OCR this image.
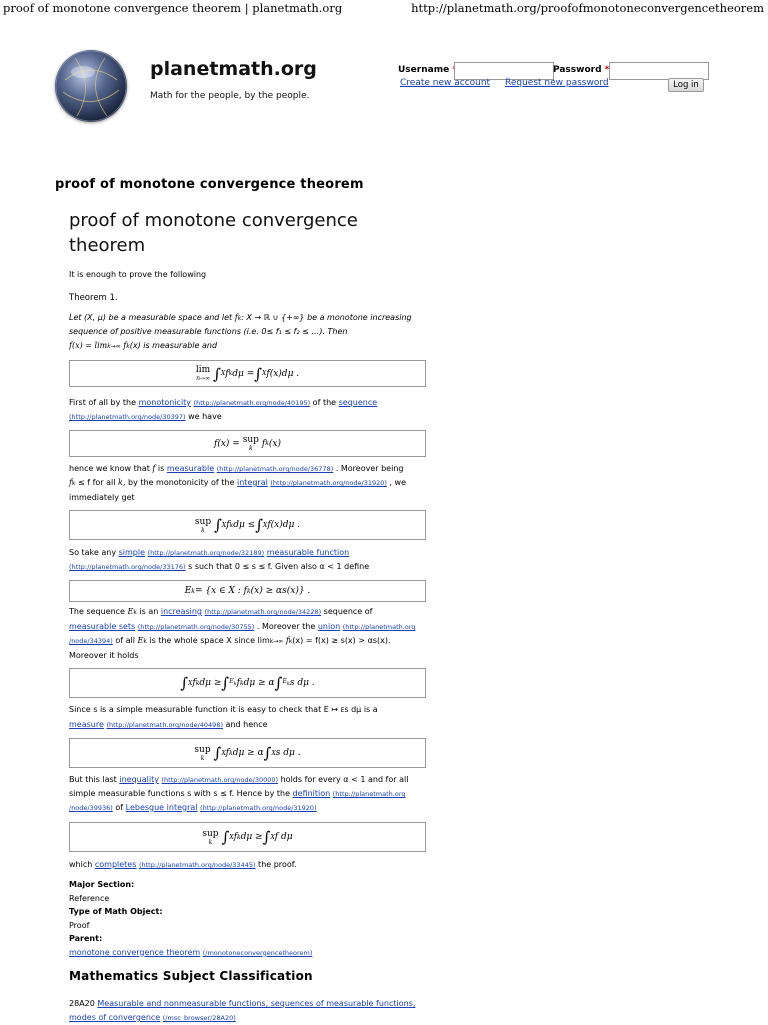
proof of monotone convergence theorem | planetmath.org	http://planetmath.org/proofofmonotoneconvergencetheorem
planetmath.org
Math for the people, by the people.
Username	Password *
Create new account Request new password	Log in
proof of monotone convergence theorem
proof of monotone convergence theorem
It is enough to prove the following
Theorem 1.
Let (X, μ) be a measurable space and let fk: X → ℝ ∪ {+∞} be a monotone increasing
sequence of positive measurable functions (i.e. 0≤ f₁ ≤ f₂ ≤ …). Then
f(x) = limk→∞ fk(x) is measurable and
lim
n→∞ ∫ X f k dμ = ∫ X f(x)dμ .
First of all by the monotonicity (http://planetmath.org/node/40195) of the sequence
(http://planetmath.org/node/30397) we have
f(x) =
sup
k f k (x)
hence we know that f is measurable (http://planetmath.org/node/36778) . Moreover being
fk ≤ f for all k, by the monotonicity of the integral (http://planetmath.org/node/31920) , we
immediately get
sup
k ∫ X f k dμ ≤ ∫ X f(x)dμ .
So take any simple (http://planetmath.org/node/32189) measurable function
(http://planetmath.org/node/33176) s such that 0 ≤ s ≤ f. Given also α < 1 define
E k = {x ∈ X : f k (x) ≥ αs(x)} .
The sequence Ek is an increasing (http://planetmath.org/node/34228) sequence of
measurable sets (http://planetmath.org/node/30755) . Moreover the union (http://planetmath.org
/node/34394) of all Ek is the whole space X since limk→∞ fk(x) = f(x) ≥ s(x) > αs(x).
Moreover it holds
∫ X f k dμ ≥ ∫ $E_k$ f k dμ ≥ α ∫ $E_k$ s dμ .
Since s is a simple measurable function it is easy to check that E ↦ Es dμ is a
measure (http://planetmath.org/node/40498) and hence
sup
k ∫ X f k dμ ≥ α ∫ X s dμ .
But this last inequality (http://planetmath.org/node/30000) holds for every α < 1 and for all
simple measurable functions s with s ≤ f. Hence by the definition (http://planetmath.org
/node/39936) of Lebesgue integral (http://planetmath.org/node/31920)
sup
k ∫ X f k dμ ≥ ∫ X f dμ
which completes (http://planetmath.org/node/33445) the proof.
Major Section:
Reference
Type of Math Object:
Proof
Parent:
monotone convergence theorem (/monotoneconvergencetheorem)
Mathematics Subject Classification
28A20 Measurable and nonmeasurable functions, sequences of measurable functions,
modes of convergence (/msc_browser/28A20)
